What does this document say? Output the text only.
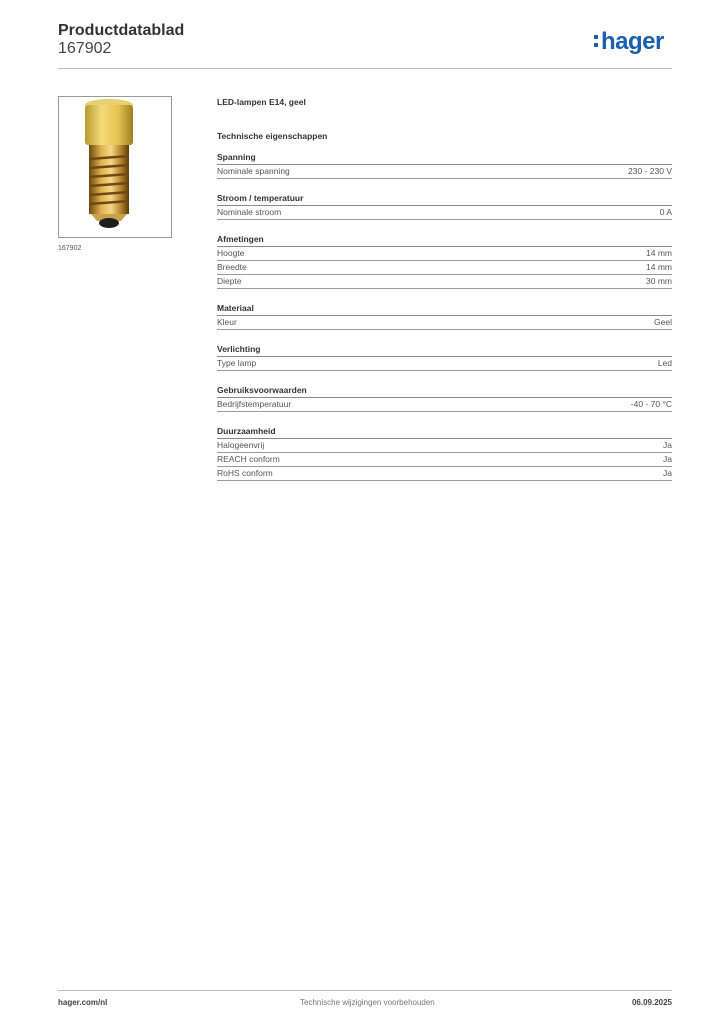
Productdatablad
167902	hager
167902
LED-lampen E14, geel
Technische eigenschappen
Spanning
Nominale spanning	230 - 230 V
Stroom / temperatuur
Nominale stroom	0 A
Afmetingen
Hoogte	14 mm
Breedte	14 mm
Diepte	30 mm
Materiaal
Kleur	Geel
Verlichting
Type lamp	Led
Gebruiksvoorwaarden
Bedrijfstemperatuur	-40 - 70 °C
Duurzaamheid
Halogeenvrij	Ja
REACH conform	Ja
RoHS conform	Ja
hager.com/nl	Technische wijzigingen voorbehouden	06.09.2025
